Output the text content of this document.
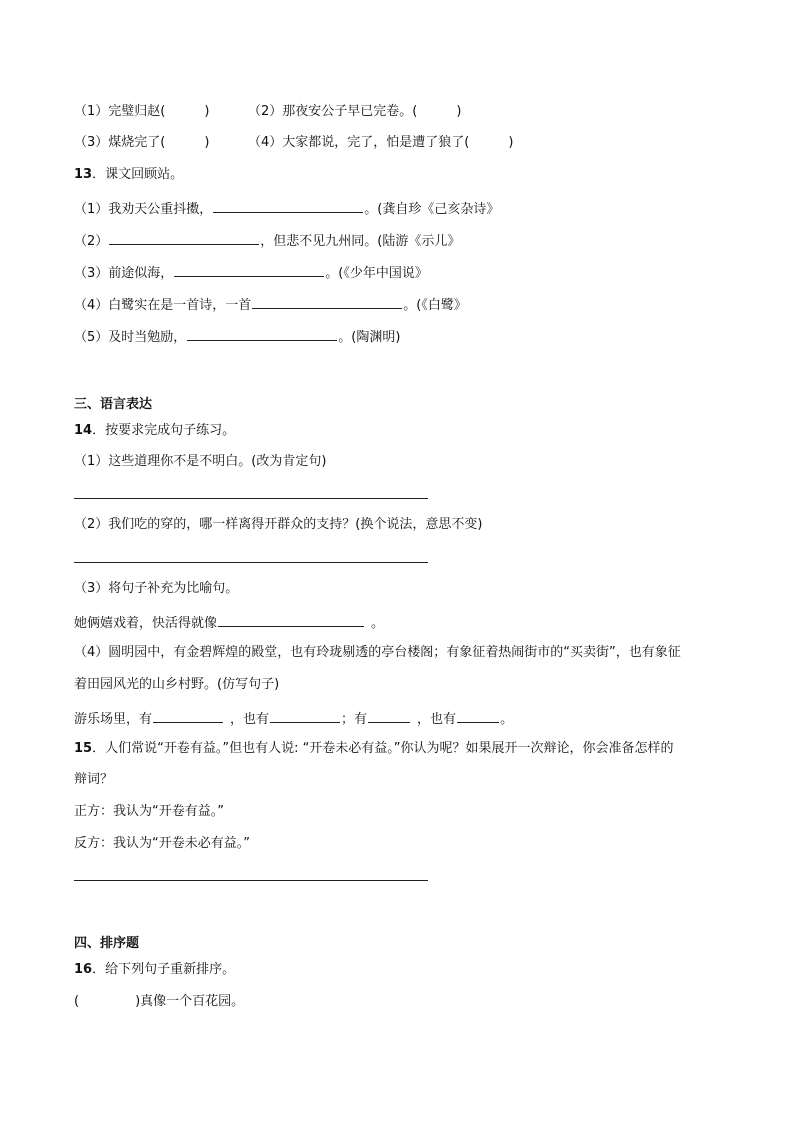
（1）完璧归赵(　　　)	（2）那夜安公子早已完卷。(　　　)
（3）煤烧完了(　　　)	（4）大家都说，完了，怕是遭了狼了(　　　)
13．课文回顾站。
（1）我劝天公重抖擞，	。(龚自珍《己亥杂诗》
（2）	，但悲不见九州同。(陆游《示儿》
（3）前途似海，	。(《少年中国说》
（4）白鹭实在是一首诗，一首	。(《白鹭》
（5）及时当勉励，	。(陶渊明)
三、语言表达
14．按要求完成句子练习。
（1）这些道理你不是不明白。(改为肯定句)
（2）我们吃的穿的，哪一样离得开群众的支持？(换个说法，意思不变)
（3）将句子补充为比喻句。
她俩嬉戏着，快活得就像	。
（4）圆明园中，有金碧辉煌的殿堂，也有玲珑剔透的亭台楼阁；有象征着热闹街市的“买卖街”，也有象征
着田园风光的山乡村野。(仿写句子)
游乐场里，有	，也有	；有	，也有	。
15．人们常说“开卷有益。”但也有人说: “开卷未必有益。”你认为呢？如果展开一次辩论，你会准备怎样的
辩词？
正方：我认为“开卷有益。”
反方：我认为“开卷未必有益。”
四、排序题
16．给下列句子重新排序。
(	)真像一个百花园。
